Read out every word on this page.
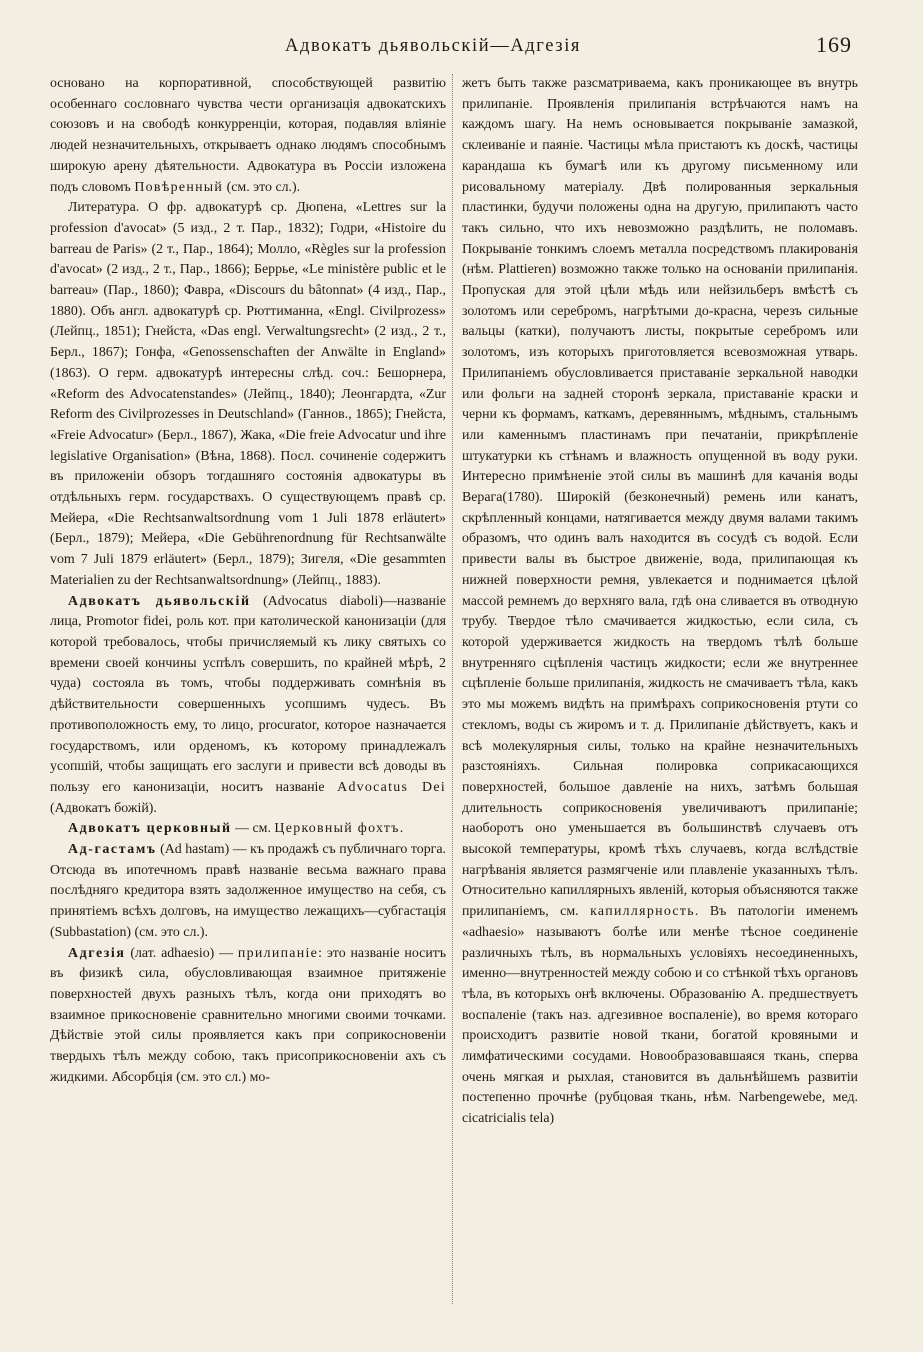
Адвокатъ дьявольскій—Адгезія	169

основано на корпоративной, способствующей развитію особеннаго сословнаго чувства чести организація адвокатскихъ союзовъ и на свободѣ конкурренціи, которая, подавляя вліяніе людей незначительныхъ, открываетъ однако людямъ способнымъ широкую арену дѣятельности. Адвокатура въ Россіи изложена подъ словомъ Повѣренный (см. это сл.).

Литература. О фр. адвокатурѣ ср. Дюпена, «Lettres sur la profession d'avocat» (5 изд., 2 т. Пар., 1832); Годри, «Histoire du barreau de Paris» (2 т., Пар., 1864); Молло, «Règles sur la profession d'avocat» (2 изд., 2 т., Пар., 1866); Беррье, «Le ministère public et le barreau» (Пар., 1860); Фавра, «Discours du bâtonnat» (4 изд., Пар., 1880). Объ англ. адвокатурѣ ср. Рюттиманна, «Engl. Civilprozess» (Лейпц., 1851); Гнейста, «Das engl. Verwaltungsrecht» (2 изд., 2 т., Берл., 1867); Гонфа, «Genossenschaften der Anwälte in England» (1863). О герм. адвокатурѣ интересны слѣд. соч.: Бешорнера, «Reform des Advocatenstandes» (Лейпц., 1840); Леонгардта, «Zur Reform des Civilprozesses in Deutschland» (Ганнов., 1865); Гнейста, «Freie Advocatur» (Берл., 1867), Жака, «Die freie Advocatur und ihre legislative Organisation» (Вѣна, 1868). Посл. сочиненіе содержитъ въ приложеніи обзоръ тогдашняго состоянія адвокатуры въ отдѣльныхъ герм. государствахъ. О существующемъ правѣ ср. Мейера, «Die Rechtsanwaltsordnung vom 1 Juli 1878 erläutert» (Берл., 1879); Мейера, «Die Gebührenordnung für Rechtsanwälte vom 7 Juli 1879 erläutert» (Берл., 1879); Зигеля, «Die gesammten Materialien zu der Rechtsanwaltsordnung» (Лейпц., 1883).

Адвокатъ дьявольскій (Advocatus diaboli)—названіе лица, Promotor fidei, роль кот. при католической канонизаціи (для которой требовалось, чтобы причисляемый къ лику святыхъ со времени своей кончины успѣлъ совершить, по крайней мѣрѣ, 2 чуда) состояла въ томъ, чтобы поддерживать сомнѣнія въ дѣйствительности совершенныхъ усопшимъ чудесъ. Въ противоположность ему, то лицо, procurator, которое назначается государствомъ, или орденомъ, къ которому принадлежалъ усопшій, чтобы защищать его заслуги и привести всѣ доводы въ пользу его канонизаціи, носитъ названіе Advocatus Dei (Адвокатъ божій).

Адвокатъ церковный — см. Церковный фохтъ.

Ад-гастамъ (Ad hastam) — къ продажѣ съ публичнаго торга. Отсюда въ ипотечномъ правѣ названіе весьма важнаго права послѣдняго кредитора взять задолженное имущество на себя, съ принятіемъ всѣхъ долговъ, на имущество лежащихъ—субгастація (Subbastation) (см. это сл.).

Адгезія (лат. adhaesio) — прилипаніе: это названіе носитъ въ физикѣ сила, обусловливающая взаимное притяженіе поверхностей двухъ разныхъ тѣлъ, когда они приходятъ во взаимное прикосновеніе сравнительно многими своими точками. Дѣйствіе этой силы проявляется какъ при соприкосновеніи твердыхъ тѣлъ между собою, такъ присоприкосновеніи ахъ съ жидкими. Абсорбція (см. это сл.) мо-

жетъ быть также разсматриваема, какъ проникающее въ внутрь прилипаніе. Проявленія прилипанія встрѣчаются намъ на каждомъ шагу. На немъ основывается покрываніе замазкой, склеиваніе и паяніе. Частицы мѣла пристаютъ къ доскѣ, частицы карандаша къ бумагѣ или къ другому письменному или рисовальному матеріалу. Двѣ полированныя зеркальныя пластинки, будучи положены одна на другую, прилипаютъ часто такъ сильно, что ихъ невозможно раздѣлить, не поломавъ. Покрываніе тонкимъ слоемъ металла посредствомъ плакированія (нѣм. Plattieren) возможно также только на основаніи прилипанія. Пропуская для этой цѣли мѣдь или нейзильберъ вмѣстѣ съ золотомъ или серебромъ, нагрѣтыми до-красна, черезъ сильные вальцы (катки), получаютъ листы, покрытые серебромъ или золотомъ, изъ которыхъ приготовляется всевозможная утварь. Прилипаніемъ обусловливается приставаніе зеркальной наводки или фольги на задней сторонѣ зеркала, приставаніе краски и черни къ формамъ, каткамъ, деревяннымъ, мѣднымъ, стальнымъ или каменнымъ пластинамъ при печатаніи, прикрѣпленіе штукатурки къ стѣнамъ и влажность опущенной въ воду руки. Интересно примѣненіе этой силы въ машинѣ для качанія воды Верага(1780). Широкій (безконечный) ремень или канатъ, скрѣпленный концами, натягивается между двумя валами такимъ образомъ, что одинъ валъ находится въ сосудѣ съ водой. Если привести валы въ быстрое движеніе, вода, прилипающая къ нижней поверхности ремня, увлекается и поднимается цѣлой массой ремнемъ до верхняго вала, гдѣ она сливается въ отводную трубу. Твердое тѣло смачивается жидкостью, если сила, съ которой удерживается жидкость на твердомъ тѣлѣ больше внутренняго сцѣпленія частицъ жидкости; если же внутреннее сцѣпленіе больше прилипанія, жидкость не смачиваетъ тѣла, какъ это мы можемъ видѣть на примѣрахъ соприкосновенія ртути со стекломъ, воды съ жиромъ и т. д. Прилипаніе дѣйствуетъ, какъ и всѣ молекулярныя силы, только на крайне незначительныхъ разстояніяхъ. Сильная полировка соприкасающихся поверхностей, большое давленіе на нихъ, затѣмъ большая длительность соприкосновенія увеличиваютъ прилипаніе; наоборотъ оно уменьшается въ большинствѣ случаевъ отъ высокой температуры, кромѣ тѣхъ случаевъ, когда вслѣдствіе нагрѣванія является размягченіе или плавленіе указанныхъ тѣлъ. Относительно капиллярныхъ явленій, которыя объясняются также прилипаніемъ, см. капиллярность. Въ патологіи именемъ «adhaesio» называютъ болѣе или менѣе тѣсное соединеніе различныхъ тѣлъ, въ нормальныхъ условіяхъ несоединенныхъ, именно—внутренностей между собою и со стѣнкой тѣхъ органовъ тѣла, въ которыхъ онѣ включены. Образованію А. предшествуетъ воспаленіе (такъ наз. адгезивное воспаленіе), во время котораго происходитъ развитіе новой ткани, богатой кровяными и лимфатическими сосудами. Новообразовавшаяся ткань, сперва очень мягкая и рыхлая, становится въ дальнѣйшемъ развитіи постепенно прочнѣе (рубцовая ткань, нѣм. Narbengewebe, мед. cicatricialis tela)
